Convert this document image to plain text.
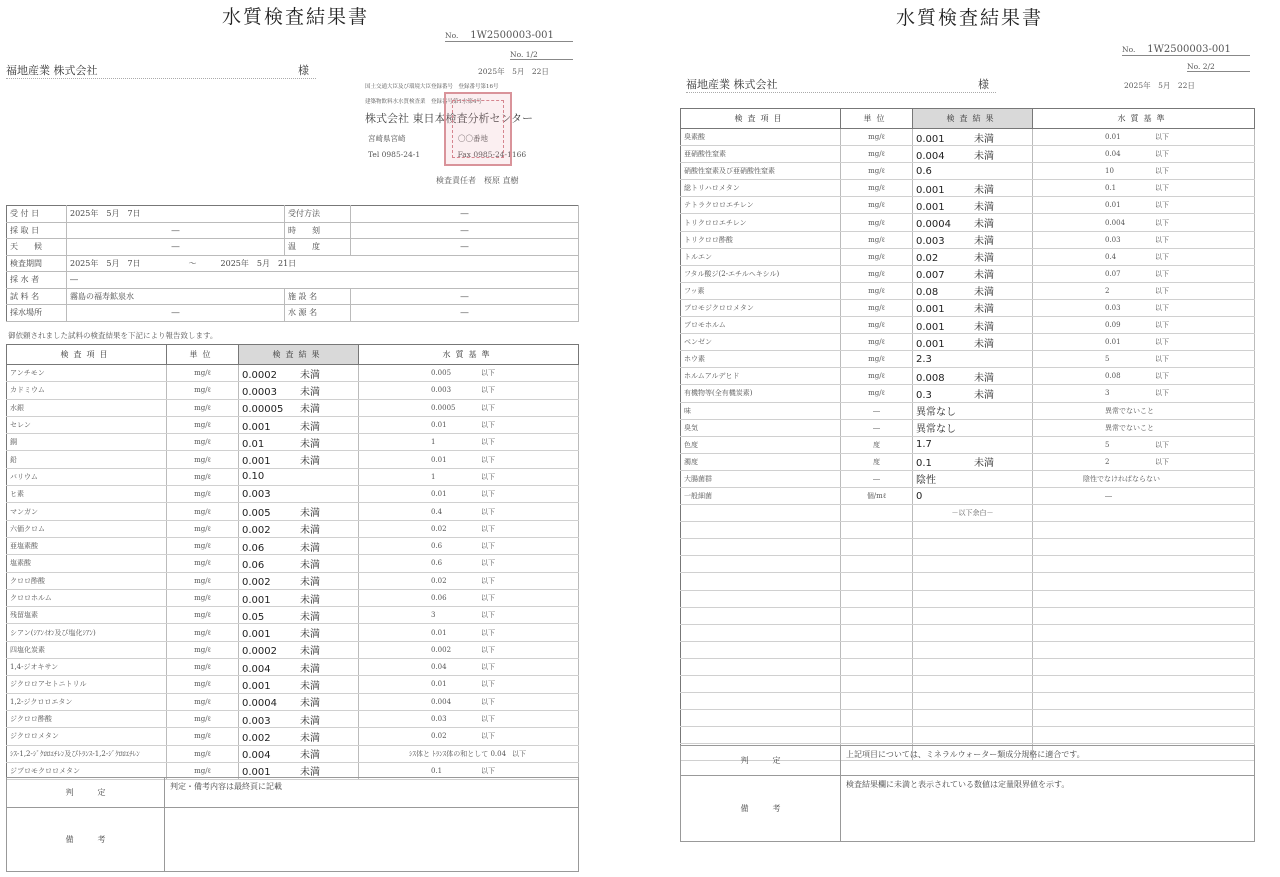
水質検査結果書
No. 1W2500003-001
No. 1/2
福地産業 株式会社	様	2025年　5月　22日
国土交通大臣及び環境大臣登録番号　登録番号第16号
建築物飲料水水質検査業　登録番号第1水第4号
株式会社 東日本検査分析センター
宮崎県宮崎　　　　　　　〇〇番地
Tel 0985-24-1　　　　　Fax 0985-24-1166
検査責任者　桜原 直樹
受 付 日	2025年　5月　7日	受付方法	―
採 取 日	―	時　　刻	―
天　　候	―	温　　度	―
検査期間	2025年　5月　7日　　　　　　～　　　2025年　5月　21日		
採 水 者	―		
試 料 名	霧島の福寿鉱泉水	施 設 名	―
採水場所	―	水 源 名	―
御依頼されました試料の検査結果を下記により報告致します。
検査項目	単位	検査結果	水質基準
アンチモン	mg/ℓ	0.0002 未満	0.005 以下
カドミウム	mg/ℓ	0.0003 未満	0.003 以下
水銀	mg/ℓ	0.00005 未満	0.0005 以下
セレン	mg/ℓ	0.001 未満	0.01 以下
銅	mg/ℓ	0.01 未満	1 以下
鉛	mg/ℓ	0.001 未満	0.01 以下
バリウム	mg/ℓ	0.10	1 以下
ヒ素	mg/ℓ	0.003	0.01 以下
マンガン	mg/ℓ	0.005 未満	0.4 以下
六価クロム	mg/ℓ	0.002 未満	0.02 以下
亜塩素酸	mg/ℓ	0.06 未満	0.6 以下
塩素酸	mg/ℓ	0.06 未満	0.6 以下
クロロ酢酸	mg/ℓ	0.002 未満	0.02 以下
クロロホルム	mg/ℓ	0.001 未満	0.06 以下
残留塩素	mg/ℓ	0.05 未満	3 以下
シアン(ｼｱﾝｲｵﾝ及び塩化ｼｱﾝ)	mg/ℓ	0.001 未満	0.01 以下
四塩化炭素	mg/ℓ	0.0002 未満	0.002 以下
1,4-ジオキサン	mg/ℓ	0.004 未満	0.04 以下
ジクロロアセトニトリル	mg/ℓ	0.001 未満	0.01 以下
1,2-ジクロロエタン	mg/ℓ	0.0004 未満	0.004 以下
ジクロロ酢酸	mg/ℓ	0.003 未満	0.03 以下
ジクロロメタン	mg/ℓ	0.002 未満	0.02 以下
ｼｽ-1,2-ｼﾞｸﾛﾛｴﾁﾚﾝ及びﾄﾗﾝｽ-1,2-ｼﾞｸﾛﾛｴﾁﾚﾝ	mg/ℓ	0.004 未満	ｼｽ体と ﾄﾗﾝｽ体の和として 0.04 以下
ジブロモクロロメタン	mg/ℓ	0.001 未満	0.1 以下
判　　　定	判定・備考内容は最終頁に記載
備　　　考	
水質検査結果書
No. 1W2500003-001
No. 2/2
福地産業 株式会社	様	2025年　5月　22日
検査項目	単位	検査結果	水質基準
臭素酸	mg/ℓ	0.001 未満	0.01 以下
亜硝酸性窒素	mg/ℓ	0.004 未満	0.04 以下
硝酸性窒素及び亜硝酸性窒素	mg/ℓ	0.6	10 以下
総トリハロメタン	mg/ℓ	0.001 未満	0.1 以下
テトラクロロエチレン	mg/ℓ	0.001 未満	0.01 以下
トリクロロエチレン	mg/ℓ	0.0004 未満	0.004 以下
トリクロロ酢酸	mg/ℓ	0.003 未満	0.03 以下
トルエン	mg/ℓ	0.02 未満	0.4 以下
フタル酸ジ(2-エチルヘキシル)	mg/ℓ	0.007 未満	0.07 以下
フッ素	mg/ℓ	0.08 未満	2 以下
ブロモジクロロメタン	mg/ℓ	0.001 未満	0.03 以下
ブロモホルム	mg/ℓ	0.001 未満	0.09 以下
ベンゼン	mg/ℓ	0.001 未満	0.01 以下
ホウ素	mg/ℓ	2.3	5 以下
ホルムアルデヒド	mg/ℓ	0.008 未満	0.08 以下
有機物等(全有機炭素)	mg/ℓ	0.3 未満	3 以下
味	―	異常なし	異常でないこと
臭気	―	異常なし	異常でないこと
色度	度	1.7	5 以下
濁度	度	0.1 未満	2 以下
大腸菌群	―	陰性	陰性でなければならない
一般細菌	個/mℓ	0	―
		－以下余白－	

判　　　定	上記項目については、ミネラルウォーター類成分規格に適合です。
備　　　考	検査結果欄に未満と表示されている数値は定量限界値を示す。
